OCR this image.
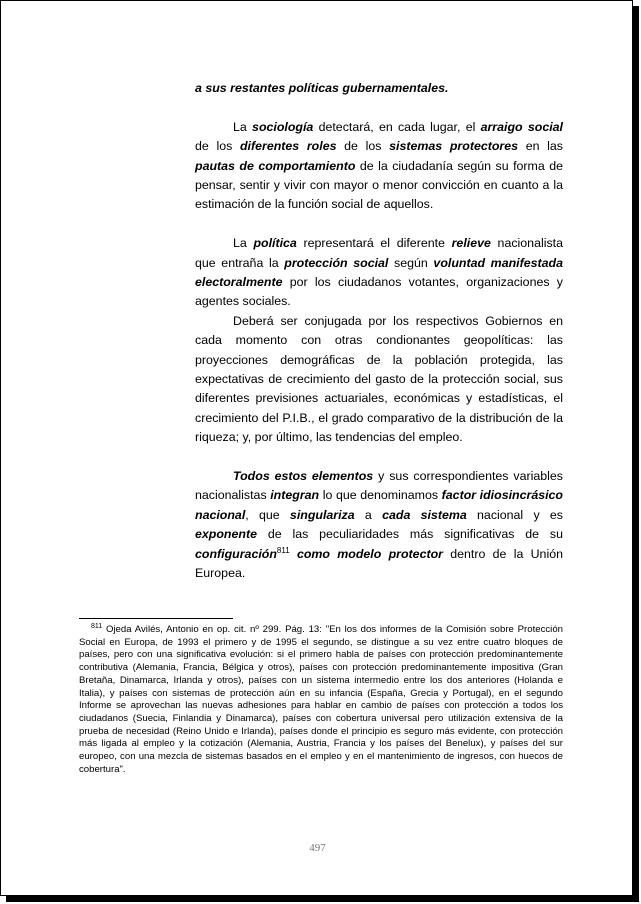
a sus restantes políticas gubernamentales.

La sociología detectará, en cada lugar, el arraigo social de los diferentes roles de los sistemas protectores en las pautas de comportamiento de la ciudadanía según su forma de pensar, sentir y vivir con mayor o menor convicción en cuanto a la estimación de la función social de aquellos.

La política representará el diferente relieve nacionalista que entraña la protección social según voluntad manifestada electoralmente por los ciudadanos votantes, organizaciones y agentes sociales.

Deberá ser conjugada por los respectivos Gobiernos en cada momento con otras condionantes geopolíticas: las proyecciones demográficas de la población protegida, las expectativas de crecimiento del gasto de la protección social, sus diferentes previsiones actuariales, económicas y estadísticas, el crecimiento del P.I.B., el grado comparativo de la distribución de la riqueza; y, por último, las tendencias del empleo.

Todos estos elementos y sus correspondientes variables nacionalistas integran lo que denominamos factor idiosincrásico nacional, que singulariza a cada sistema nacional y es exponente de las peculiaridades más significativas de su configuración$^{811}$ como modelo protector dentro de la Unión Europea.

$^{811}$ Ojeda Avilés, Antonio en op. cit. nº 299. Pág. 13: "En los dos informes de la Comisión sobre Protección Social en Europa, de 1993 el primero y de 1995 el segundo, se distingue a su vez entre cuatro bloques de países, pero con una significativa evolución: si el primero habla de países con protección predominantemente contributiva (Alemania, Francia, Bélgica y otros), países con protección predominantemente impositiva (Gran Bretaña, Dinamarca, Irlanda y otros), países con un sistema intermedio entre los dos anteriores (Holanda e Italia), y países con sistemas de protección aún en su infancia (España, Grecia y Portugal), en el segundo Informe se aprovechan las nuevas adhesiones para hablar en cambio de países con protección a todos los ciudadanos (Suecia, Finlandia y Dinamarca), países con cobertura universal pero utilización extensiva de la prueba de necesidad (Reino Unido e Irlanda), países donde el principio es seguro más evidente, con protección más ligada al empleo y la cotización (Alemania, Austria, Francia y los países del Benelux), y países del sur europeo, con una mezcla de sistemas basados en el empleo y en el mantenimiento de ingresos, con huecos de cobertura".
497
